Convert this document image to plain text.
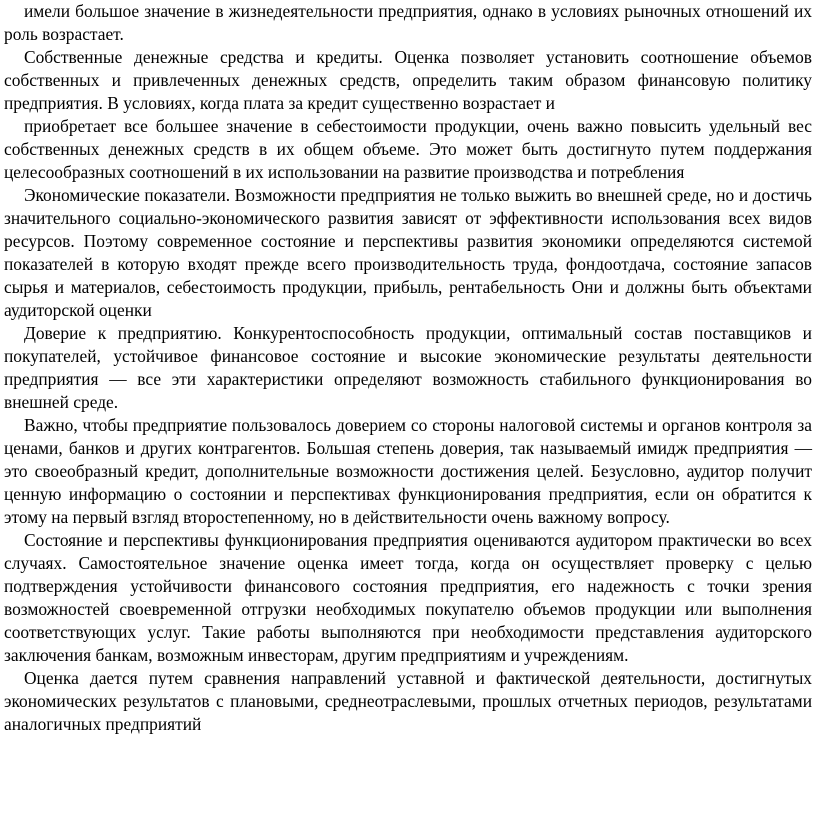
имели большое значение в жизнедеятельности предприятия, однако в условиях рыночных отношений их роль возрастает.

Собственные денежные средства и кредиты. Оценка позволяет установить соотношение объемов собственных и привлеченных денежных средств, определить таким образом финансовую политику предприятия. В условиях, когда плата за кредит существенно возрастает и

приобретает все большее значение в себестоимости продукции, очень важно повысить удельный вес собственных денежных средств в их общем объеме. Это может быть достигнуто путем поддержания целесообразных соотношений в их использовании на развитие производства и потребления

Экономические показатели. Возможности предприятия не только выжить во внешней среде, но и достичь значительного социально-экономического развития зависят от эффективности использования всех видов ресурсов. Поэтому современное состояние и перспективы развития экономики определяются системой показателей в которую входят прежде всего производительность труда, фондоотдача, состояние запасов сырья и материалов, себестоимость продукции, прибыль, рентабельность Они и должны быть объектами аудиторской оценки

Доверие к предприятию. Конкурентоспособность продукции, оптимальный состав поставщиков и покупателей, устойчивое финансовое состояние и высокие экономические результаты деятельности предприятия — все эти характеристики определяют возможность стабильного функционирования во внешней среде.

Важно, чтобы предприятие пользовалось доверием со стороны налоговой системы и органов контроля за ценами, банков и других контрагентов. Большая степень доверия, так называемый имидж предприятия — это своеобразный кредит, дополнительные возможности достижения целей. Безусловно, аудитор получит ценную информацию о состоянии и перспективах функционирования предприятия, если он обратится к этому на первый взгляд второстепенному, но в действительности очень важному вопросу.

Состояние и перспективы функционирования предприятия оцениваются аудитором практически во всех случаях. Самостоятельное значение оценка имеет тогда, когда он осуществляет проверку с целью подтверждения устойчивости финансового состояния предприятия, его надежность с точки зрения возможностей своевременной отгрузки необходимых покупателю объемов продукции или выполнения соответствующих услуг. Такие работы выполняются при необходимости представления аудиторского заключения банкам, возможным инвесторам, другим предприятиям и учреждениям.

Оценка дается путем сравнения направлений уставной и фактической деятельности, достигнутых экономических результатов с плановыми, среднеотраслевыми, прошлых отчетных периодов, результатами аналогичных предприятий
